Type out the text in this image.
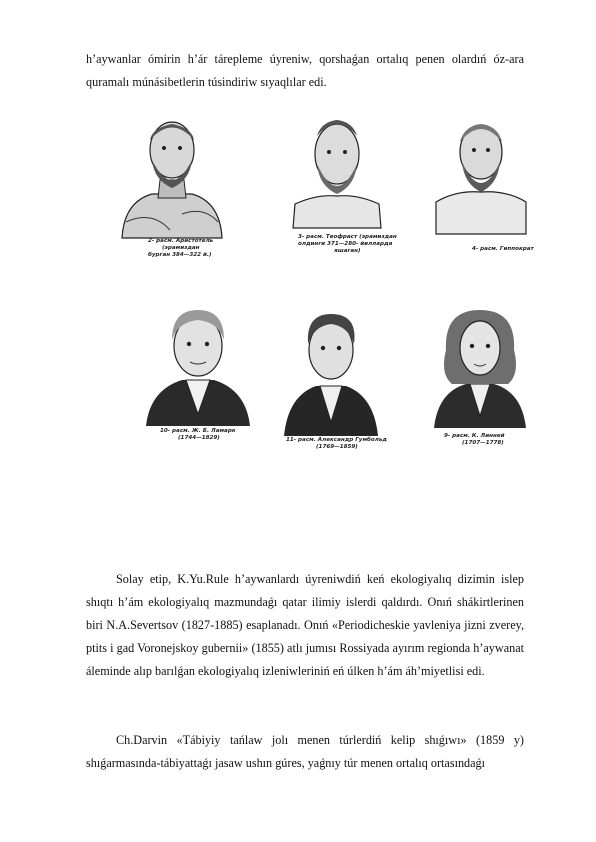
h’aywanlar ómirin h’ár tárepleme úyreniw, qorshaǵan ortalıq penen olardıń óz-ara quramalı múnásibetlerin túsindiriw sıyaqlılar edi.

2- расм. Аристотель
(эрамиздан
бурган 384—322 й.)
3- расм. Теофраст (эрамиздан
олдинги 371—280- йилларда
яшаган)	4- расм. Гиппократ
10- расм. Ж. Б. Ламарк
(1744—1829)	11- расм. Александр Гумбольд
(1769—1859)
9- расм. К. Линней
(1707—1778)

Solay etip, K.Yu.Rule h’aywanlardı úyreniwdiń keń ekologiyalıq dizimin islep shıqtı h’ám ekologiyalıq mazmundaǵı qatar ilimiy islerdi qaldırdı. Onıń shákirtlerinen biri N.A.Severtsov (1827-1885) esaplanadı. Onıń «Periodicheskie yavleniya jizni zverey, ptits i gad Voronejskoy gubernii» (1855) atlı jumısı Rossiyada ayırım regionda h’aywanat áleminde alıp barılǵan ekologiyalıq izleniwleriniń eń úlken h’ám áh’miyetlisi edi.

Ch.Darvin «Tábiyiy tańlaw jolı menen túrlerdiń kelip shıǵıwı» (1859 y) shıǵarmasında-tábiyattaǵı jasaw ushın gúres, yaǵnıy túr menen ortalıq ortasındaǵı
